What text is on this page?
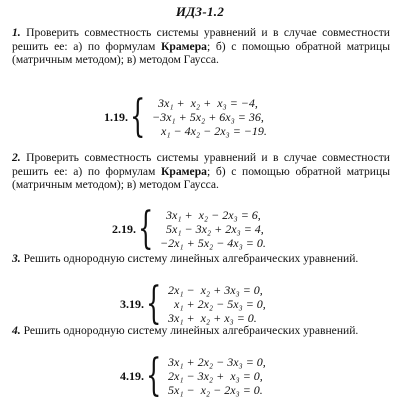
ИДЗ-1.2
1. Проверить совместность системы уравнений и в случае совместности решить ее: а) по формулам Крамера; б) с помощью обратной матрицы (матричным методом); в) методом Гаусса.
1.19. { 3x₁ +  x₂ +  x₃ = −4,
−3x₁ + 5x₂ + 6x₃ = 36,
x₁ − 4x₂ − 2x₃ = −19.
2. Проверить совместность системы уравнений и в случае совместности решить ее: а) по формулам Крамера; б) с помощью обратной матрицы (матричным методом); в) методом Гаусса.
2.19. { 3x₁ +  x₂ − 2x₃ = 6,
5x₁ − 3x₂ + 2x₃ = 4,
−2x₁ + 5x₂ − 4x₃ = 0.
3. Решить однородную систему линейных алгебраических уравнений.
3.19. { 2x₁ −  x₂ + 3x₃ = 0,
x₁ + 2x₂ − 5x₃ = 0,
3x₁ +  x₂ + x₃ = 0.
4. Решить однородную систему линейных алгебраических уравнений.
4.19. { 3x₁ + 2x₂ − 3x₃ = 0,
2x₁ − 3x₂ +  x₃ = 0,
5x₁ −  x₂ − 2x₃ = 0.
